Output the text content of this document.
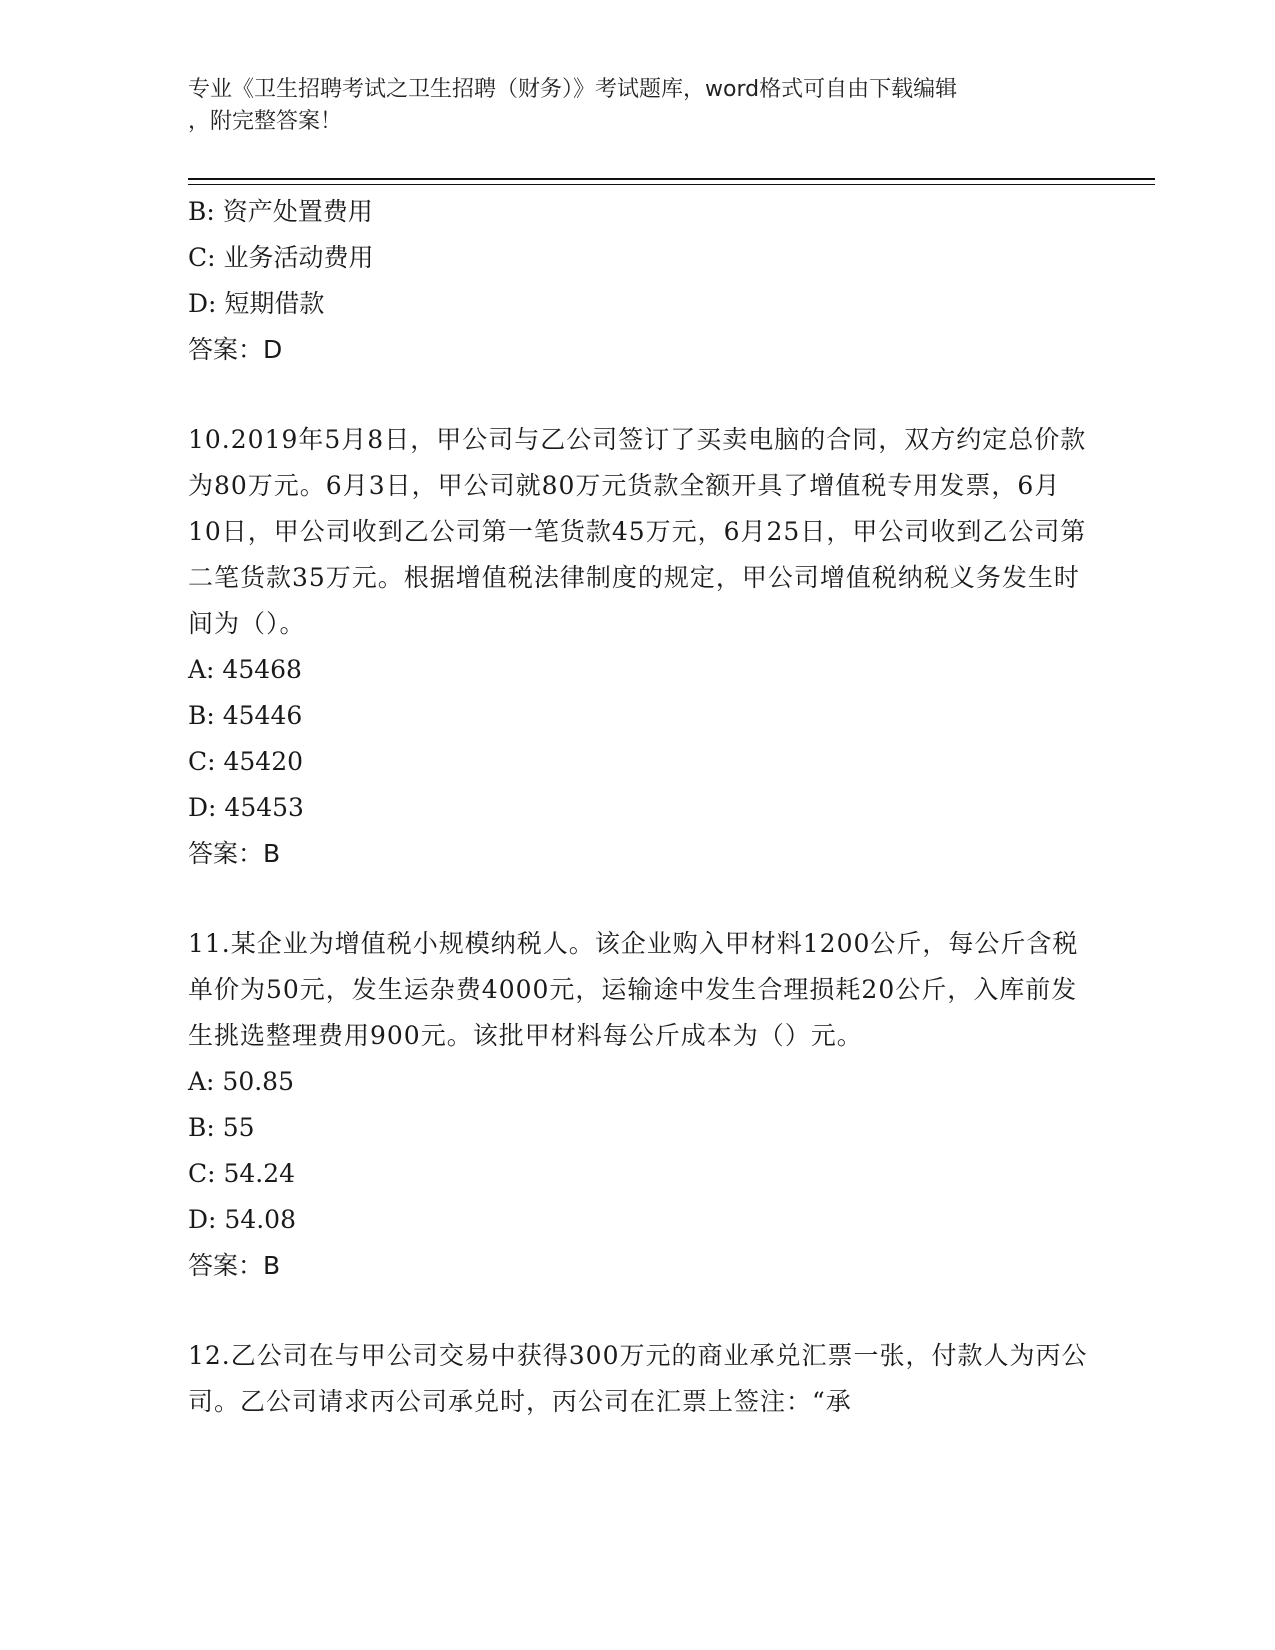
专业《卫生招聘考试之卫生招聘（财务）》考试题库，word格式可自由下载编辑
，附完整答案！
B: 资产处置费用
C: 业务活动费用
D: 短期借款
答案：D
10.2019年5月8日，甲公司与乙公司签订了买卖电脑的合同，双方约定总价款为80万元。6月3日，甲公司就80万元货款全额开具了增值税专用发票，6月10日，甲公司收到乙公司第一笔货款45万元，6月25日，甲公司收到乙公司第二笔货款35万元。根据增值税法律制度的规定，甲公司增值税纳税义务发生时间为（）。
A: 45468
B: 45446
C: 45420
D: 45453
答案：B
11.某企业为增值税小规模纳税人。该企业购入甲材料1200公斤，每公斤含税单价为50元，发生运杂费4000元，运输途中发生合理损耗20公斤，入库前发生挑选整理费用900元。该批甲材料每公斤成本为（）元。
A: 50.85
B: 55
C: 54.24
D: 54.08
答案：B
12.乙公司在与甲公司交易中获得300万元的商业承兑汇票一张，付款人为丙公司。乙公司请求丙公司承兑时，丙公司在汇票上签注：“承
